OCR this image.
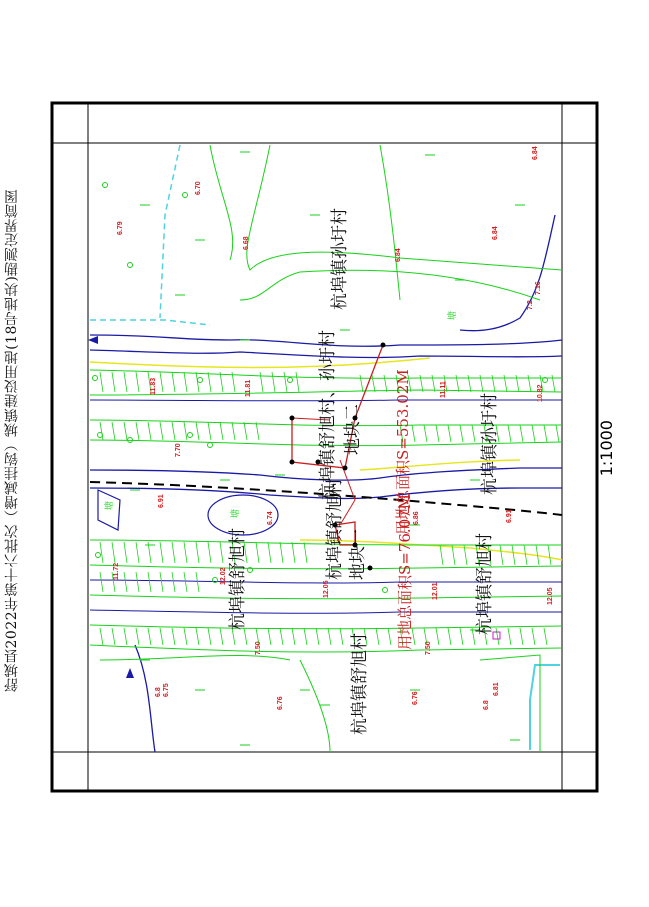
舒城县2022年第十六批次（增减挂钩）城镇建设用地(18号地块)勘测定界简图	1:1000
6.70
6.79
6.68
6.84
6.84
6.84
11.83	11.81	11.11	10.82
7.70
6.91
6.74	6.86	6.91
12.02
12.05	12.01	12.05
11.72
7.50	7.50
6.8 6.75
6.76	6.76
6.8
6.81
7.2
7.16
杭埠镇孙圩村
杭埠镇孙圩村
杭埠镇舒旭村、孙圩村
杭埠镇舒旭村	杭埠镇舒旭村
杭埠镇舒旭村
杭埠镇舒旭村
地块二
地块一 用地总面积S=76.07M
用地总面积S=553.02M
塘
塘
塘
